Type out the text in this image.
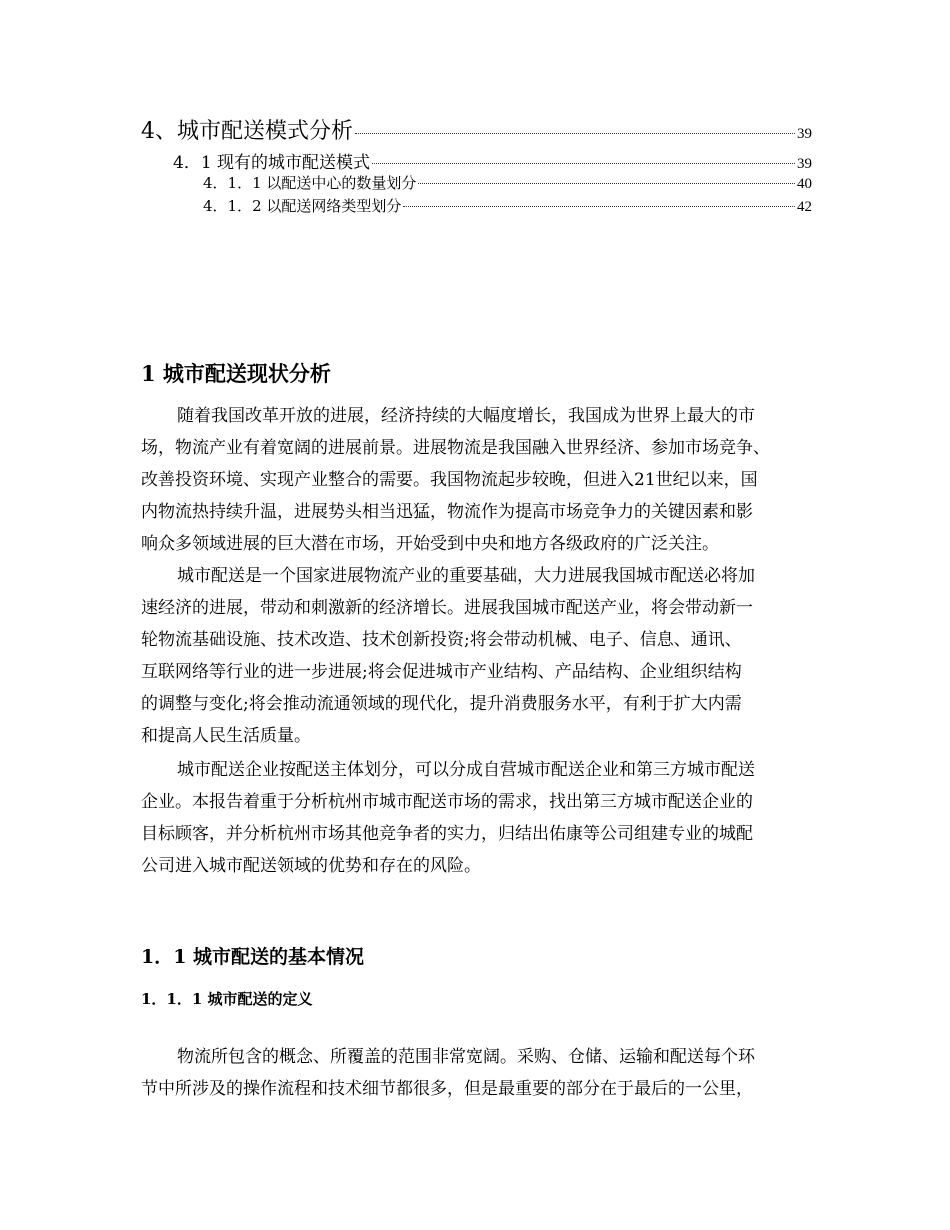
4、城市配送模式分析	39
4．1 现有的城市配送模式	39
4．1．1 以配送中心的数量划分	40
4．1．2 以配送网络类型划分	42
1 城市配送现状分析
随着我国改革开放的进展，经济持续的大幅度增长，我国成为世界上最大的市
场，物流产业有着宽阔的进展前景。进展物流是我国融入世界经济、参加市场竞争、
改善投资环境、实现产业整合的需要。我国物流起步较晚，但进入21世纪以来，国
内物流热持续升温，进展势头相当迅猛，物流作为提高市场竞争力的关键因素和影
响众多领域进展的巨大潜在市场，开始受到中央和地方各级政府的广泛关注。
城市配送是一个国家进展物流产业的重要基础，大力进展我国城市配送必将加
速经济的进展，带动和刺激新的经济增长。进展我国城市配送产业，将会带动新一
轮物流基础设施、技术改造、技术创新投资;将会带动机械、电子、信息、通讯、
互联网络等行业的进一步进展;将会促进城市产业结构、产品结构、企业组织结构
的调整与变化;将会推动流通领域的现代化，提升消费服务水平，有利于扩大内需
和提高人民生活质量。
城市配送企业按配送主体划分，可以分成自营城市配送企业和第三方城市配送
企业。本报告着重于分析杭州市城市配送市场的需求，找出第三方城市配送企业的
目标顾客，并分析杭州市场其他竞争者的实力，归结出佑康等公司组建专业的城配
公司进入城市配送领域的优势和存在的风险。
1．1 城市配送的基本情况
1．1．1 城市配送的定义
物流所包含的概念、所覆盖的范围非常宽阔。采购、仓储、运输和配送每个环
节中所涉及的操作流程和技术细节都很多，但是最重要的部分在于最后的一公里，
